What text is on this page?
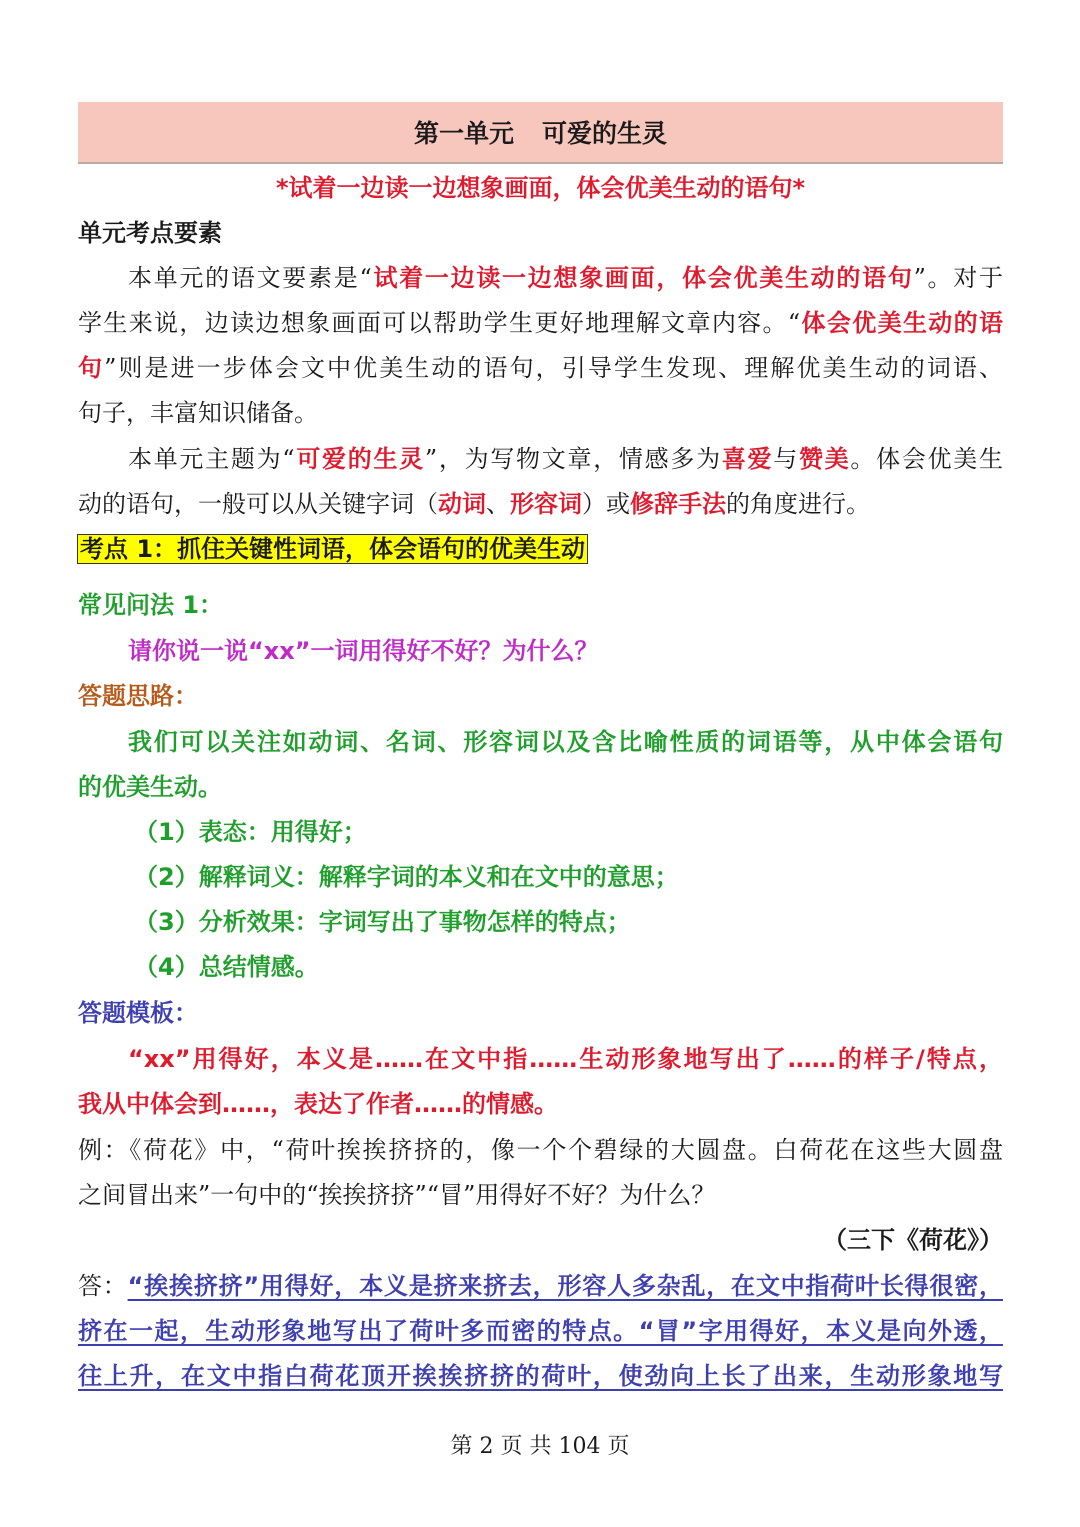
第一单元 可爱的生灵
*试着一边读一边想象画面，体会优美生动的语句*
单元考点要素
本单元的语文要素是“试着一边读一边想象画面，体会优美生动的语句”。对于
学生来说，边读边想象画面可以帮助学生更好地理解文章内容。“体会优美生动的语
句”则是进一步体会文中优美生动的语句，引导学生发现、理解优美生动的词语、
句子，丰富知识储备。
本单元主题为“可爱的生灵”，为写物文章，情感多为喜爱与赞美。体会优美生
动的语句，一般可以从关键字词（动词、形容词）或修辞手法的角度进行。
考点 1：抓住关键性词语，体会语句的优美生动
常见问法 1：
请你说一说“xx”一词用得好不好？为什么？
答题思路：
我们可以关注如动词、名词、形容词以及含比喻性质的词语等，从中体会语句
的优美生动。
（1）表态：用得好；
（2）解释词义：解释字词的本义和在文中的意思；
（3）分析效果：字词写出了事物怎样的特点；
（4）总结情感。
答题模板：
“xx”用得好，本义是……在文中指……生动形象地写出了……的样子/特点，
我从中体会到……，表达了作者……的情感。
例：《荷花》中，“荷叶挨挨挤挤的，像一个个碧绿的大圆盘。白荷花在这些大圆盘
之间冒出来”一句中的“挨挨挤挤”“冒”用得好不好？为什么？
（三下《荷花》）
答：“挨挨挤挤”用得好，本义是挤来挤去，形容人多杂乱，在文中指荷叶长得很密，
挤在一起，生动形象地写出了荷叶多而密的特点。“冒”字用得好，本义是向外透，
往上升，在文中指白荷花顶开挨挨挤挤的荷叶，使劲向上长了出来，生动形象地写
第 2 页 共 104 页
